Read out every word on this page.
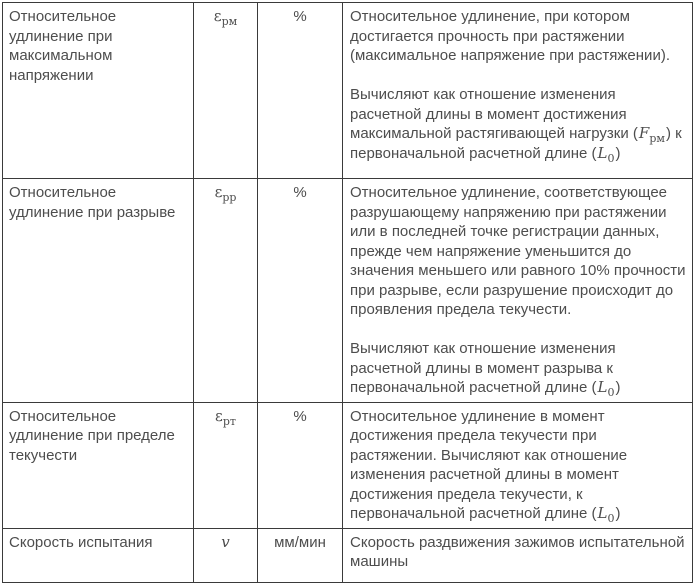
Относительное удлинение при максимальном напряжении	$\varepsilon_{рм}$	%	Относительное удлинение, при котором достигается прочность при растяжении (максимальное напряжение при растяжении).

Вычисляют как отношение изменения расчетной длины в момент достижения максимальной растягивающей нагрузки $(F_{рм})$ к первоначальной расчетной длине $(L_0)$

Относительное удлинение при разрыве	$\varepsilon_{рр}$	%	Относительное удлинение, соответствующее разрушающему напряжению при растяжении или в последней точке регистрации данных, прежде чем напряжение уменьшится до значения меньшего или равного 10% прочности при разрыве, если разрушение происходит до проявления предела текучести.

Вычисляют как отношение изменения расчетной длины в момент разрыва к первоначальной расчетной длине $(L_0)$

Относительное удлинение при пределе текучести	$\varepsilon_{рт}$	%	Относительное удлинение в момент достижения предела текучести при растяжении. Вычисляют как отношение изменения расчетной длины в момент достижения предела текучести, к первоначальной расчетной длине $(L_0)$

Скорость испытания	v	мм/мин	Скорость раздвижения зажимов испытательной машины
